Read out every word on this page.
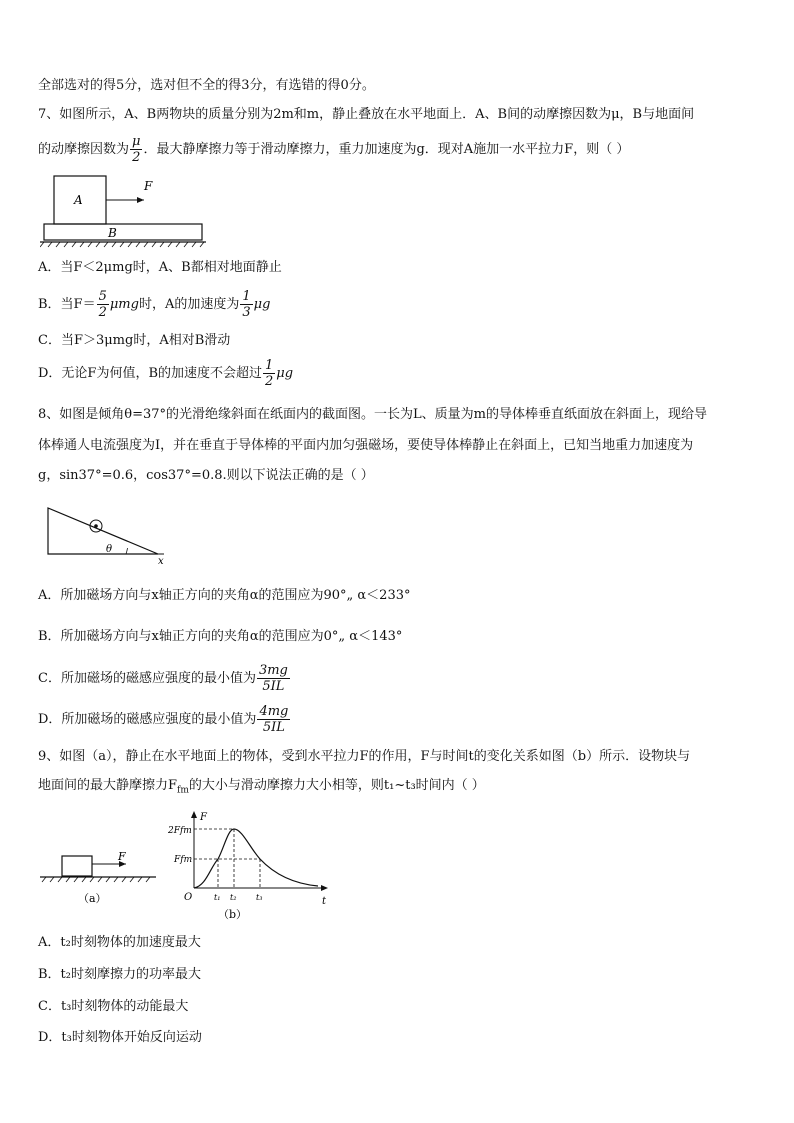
全部选对的得5分，选对但不全的得3分，有选错的得0分。
7、如图所示，A、B两物块的质量分别为2m和m，静止叠放在水平地面上．A、B间的动摩擦因数为μ，B与地面间
的动摩擦因数为 $\frac{\mu}{2}$ ．最大静摩擦力等于滑动摩擦力，重力加速度为g．现对A施加一水平拉力F，则（ ）
A
F
B
A．当F＜2μmg时，A、B都相对地面静止
B．当$F= \frac{5}{2}$ μmg时，A的加速度为 $\frac{1}{3}$ μg
C．当F＞3μmg时，A相对B滑动
D．无论F为何值，B的加速度不会超过 $\frac{1}{2}$ μg
8、如图是倾角θ=37°的光滑绝缘斜面在纸面内的截面图。一长为L、质量为m的导体棒垂直纸面放在斜面上，现给导
体棒通人电流强度为I，并在垂直于导体棒的平面内加匀强磁场，要使导体棒静止在斜面上，已知当地重力加速度为
g，sin37°=0.6，cos37°=0.8.则以下说法正确的是（ ）
x
θ
A．所加磁场方向与x轴正方向的夹角α的范围应为90°„ α＜233°
B．所加磁场方向与x轴正方向的夹角α的范围应为0°„ α＜143°
C．所加磁场的磁感应强度的最小值为 $\frac{3mg}{5IL}$
D．所加磁场的磁感应强度的最小值为 $\frac{4mg}{5IL}$
9、如图（a），静止在水平地面上的物体，受到水平拉力F的作用，F与时间t的变化关系如图（b）所示．设物块与
地面间的最大静摩擦力$F_{fm}$的大小与滑动摩擦力大小相等，则t₁~t₃时间内（ ）
F
（a）
F
t
O
2Ffm
Ffm
t₁ t₂ t₃
（b）
A．t₂时刻物体的加速度最大
B．t₂时刻摩擦力的功率最大
C．t₃时刻物体的动能最大
D．t₃时刻物体开始反向运动
